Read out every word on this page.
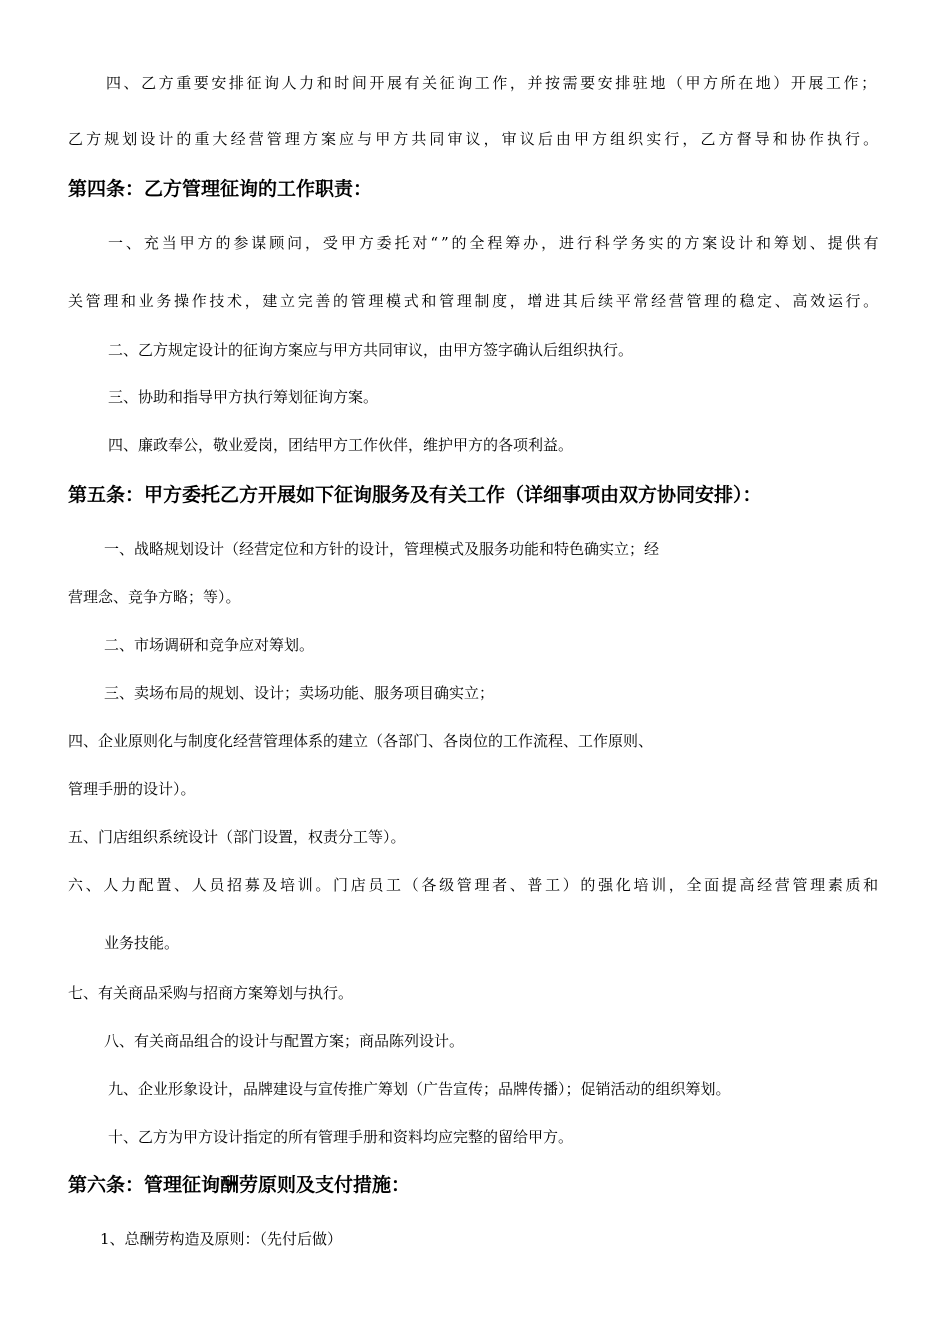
四、乙方重要安排征询人力和时间开展有关征询工作，并按需要安排驻地（甲方所在地）开展工作；
乙方规划设计的重大经营管理方案应与甲方共同审议，审议后由甲方组织实行，乙方督导和协作执行。
第四条：乙方管理征询的工作职责：
一、充当甲方的参谋顾问，受甲方委托对“”的全程筹办，进行科学务实的方案设计和筹划、提供有
关管理和业务操作技术，建立完善的管理模式和管理制度，增进其后续平常经营管理的稳定、高效运行。
二、乙方规定设计的征询方案应与甲方共同审议，由甲方签字确认后组织执行。
三、协助和指导甲方执行筹划征询方案。
四、廉政奉公，敬业爱岗，团结甲方工作伙伴，维护甲方的各项利益。
第五条：甲方委托乙方开展如下征询服务及有关工作（详细事项由双方协同安排）：
一、战略规划设计（经营定位和方针的设计，管理模式及服务功能和特色确实立；经
营理念、竞争方略；等）。
二、市场调研和竞争应对筹划。
三、卖场布局的规划、设计；卖场功能、服务项目确实立；
四、企业原则化与制度化经营管理体系的建立（各部门、各岗位的工作流程、工作原则、
管理手册的设计）。
五、门店组织系统设计（部门设置，权责分工等）。
六、人力配置、人员招募及培训。门店员工（各级管理者、普工）的强化培训，全面提高经营管理素质和
业务技能。
七、有关商品采购与招商方案筹划与执行。
八、有关商品组合的设计与配置方案；商品陈列设计。
九、企业形象设计，品牌建设与宣传推广筹划（广告宣传；品牌传播）；促销活动的组织筹划。
十、乙方为甲方设计指定的所有管理手册和资料均应完整的留给甲方。
第六条：管理征询酬劳原则及支付措施：
1、总酬劳构造及原则：（先付后做）
